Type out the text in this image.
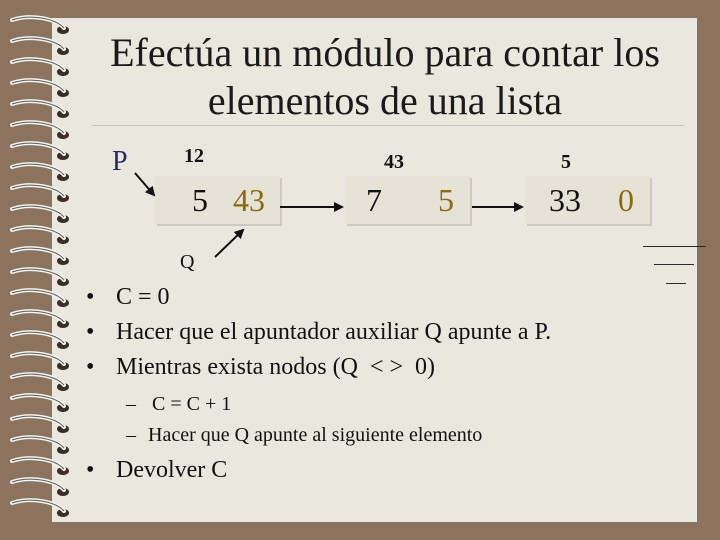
Efectúa un módulo para contar los
elementos de una lista
P
Q
12	43	5
5 43	7 5	33 0
• C = 0
• Hacer que el apuntador auxiliar Q apunte a P.
• Mientras exista nodos (Q  < >  0)
– C = C + 1
– Hacer que Q apunte al siguiente elemento
• Devolver C
